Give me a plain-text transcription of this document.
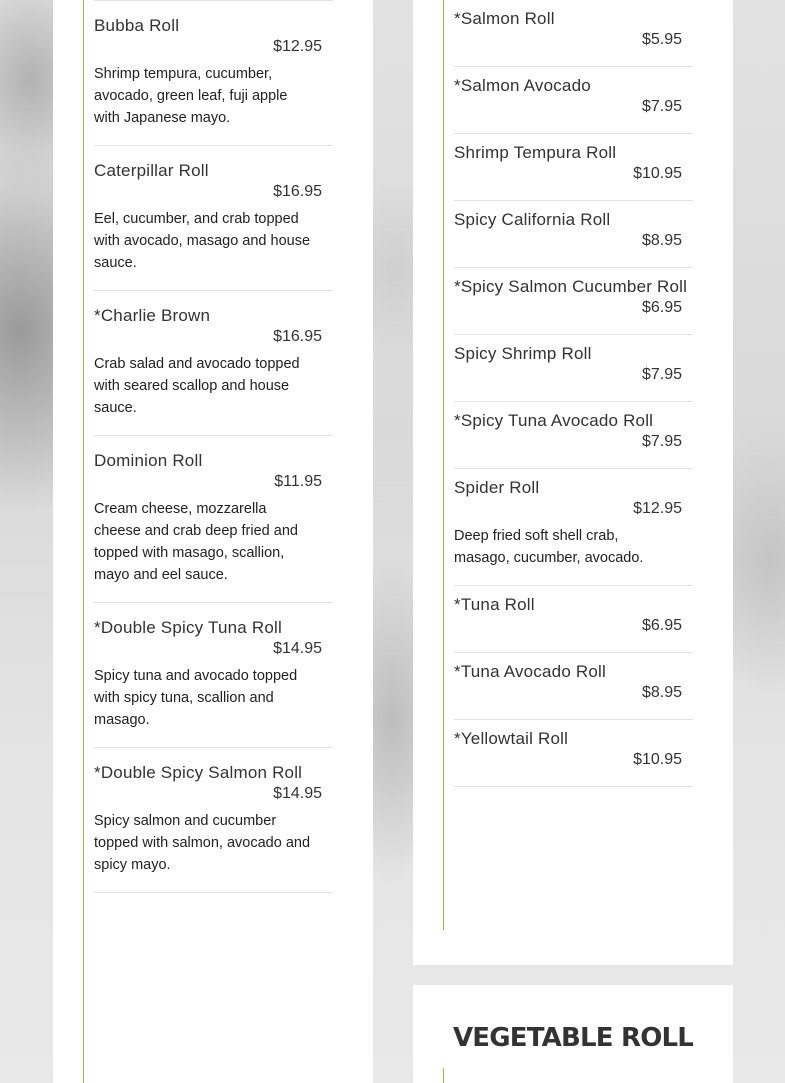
Bubba Roll
$12.95
Shrimp tempura, cucumber, avocado, green leaf, fuji apple with Japanese mayo.
Caterpillar Roll
$16.95
Eel, cucumber, and crab topped with avocado, masago and house sauce.
*Charlie Brown
$16.95
Crab salad and avocado topped with seared scallop and house sauce.
Dominion Roll
$11.95
Cream cheese, mozzarella cheese and crab deep fried and topped with masago, scallion, mayo and eel sauce.
*Double Spicy Tuna Roll
$14.95
Spicy tuna and avocado topped with spicy tuna, scallion and masago.
*Double Spicy Salmon Roll
$14.95
Spicy salmon and cucumber topped with salmon, avocado and spicy mayo.
*Salmon Roll
$5.95
*Salmon Avocado
$7.95
Shrimp Tempura Roll
$10.95
Spicy California Roll
$8.95
*Spicy Salmon Cucumber Roll
$6.95
Spicy Shrimp Roll
$7.95
*Spicy Tuna Avocado Roll
$7.95
Spider Roll
$12.95
Deep fried soft shell crab, masago, cucumber, avocado.
*Tuna Roll
$6.95
*Tuna Avocado Roll
$8.95
*Yellowtail Roll
$10.95
VEGETABLE ROLL
